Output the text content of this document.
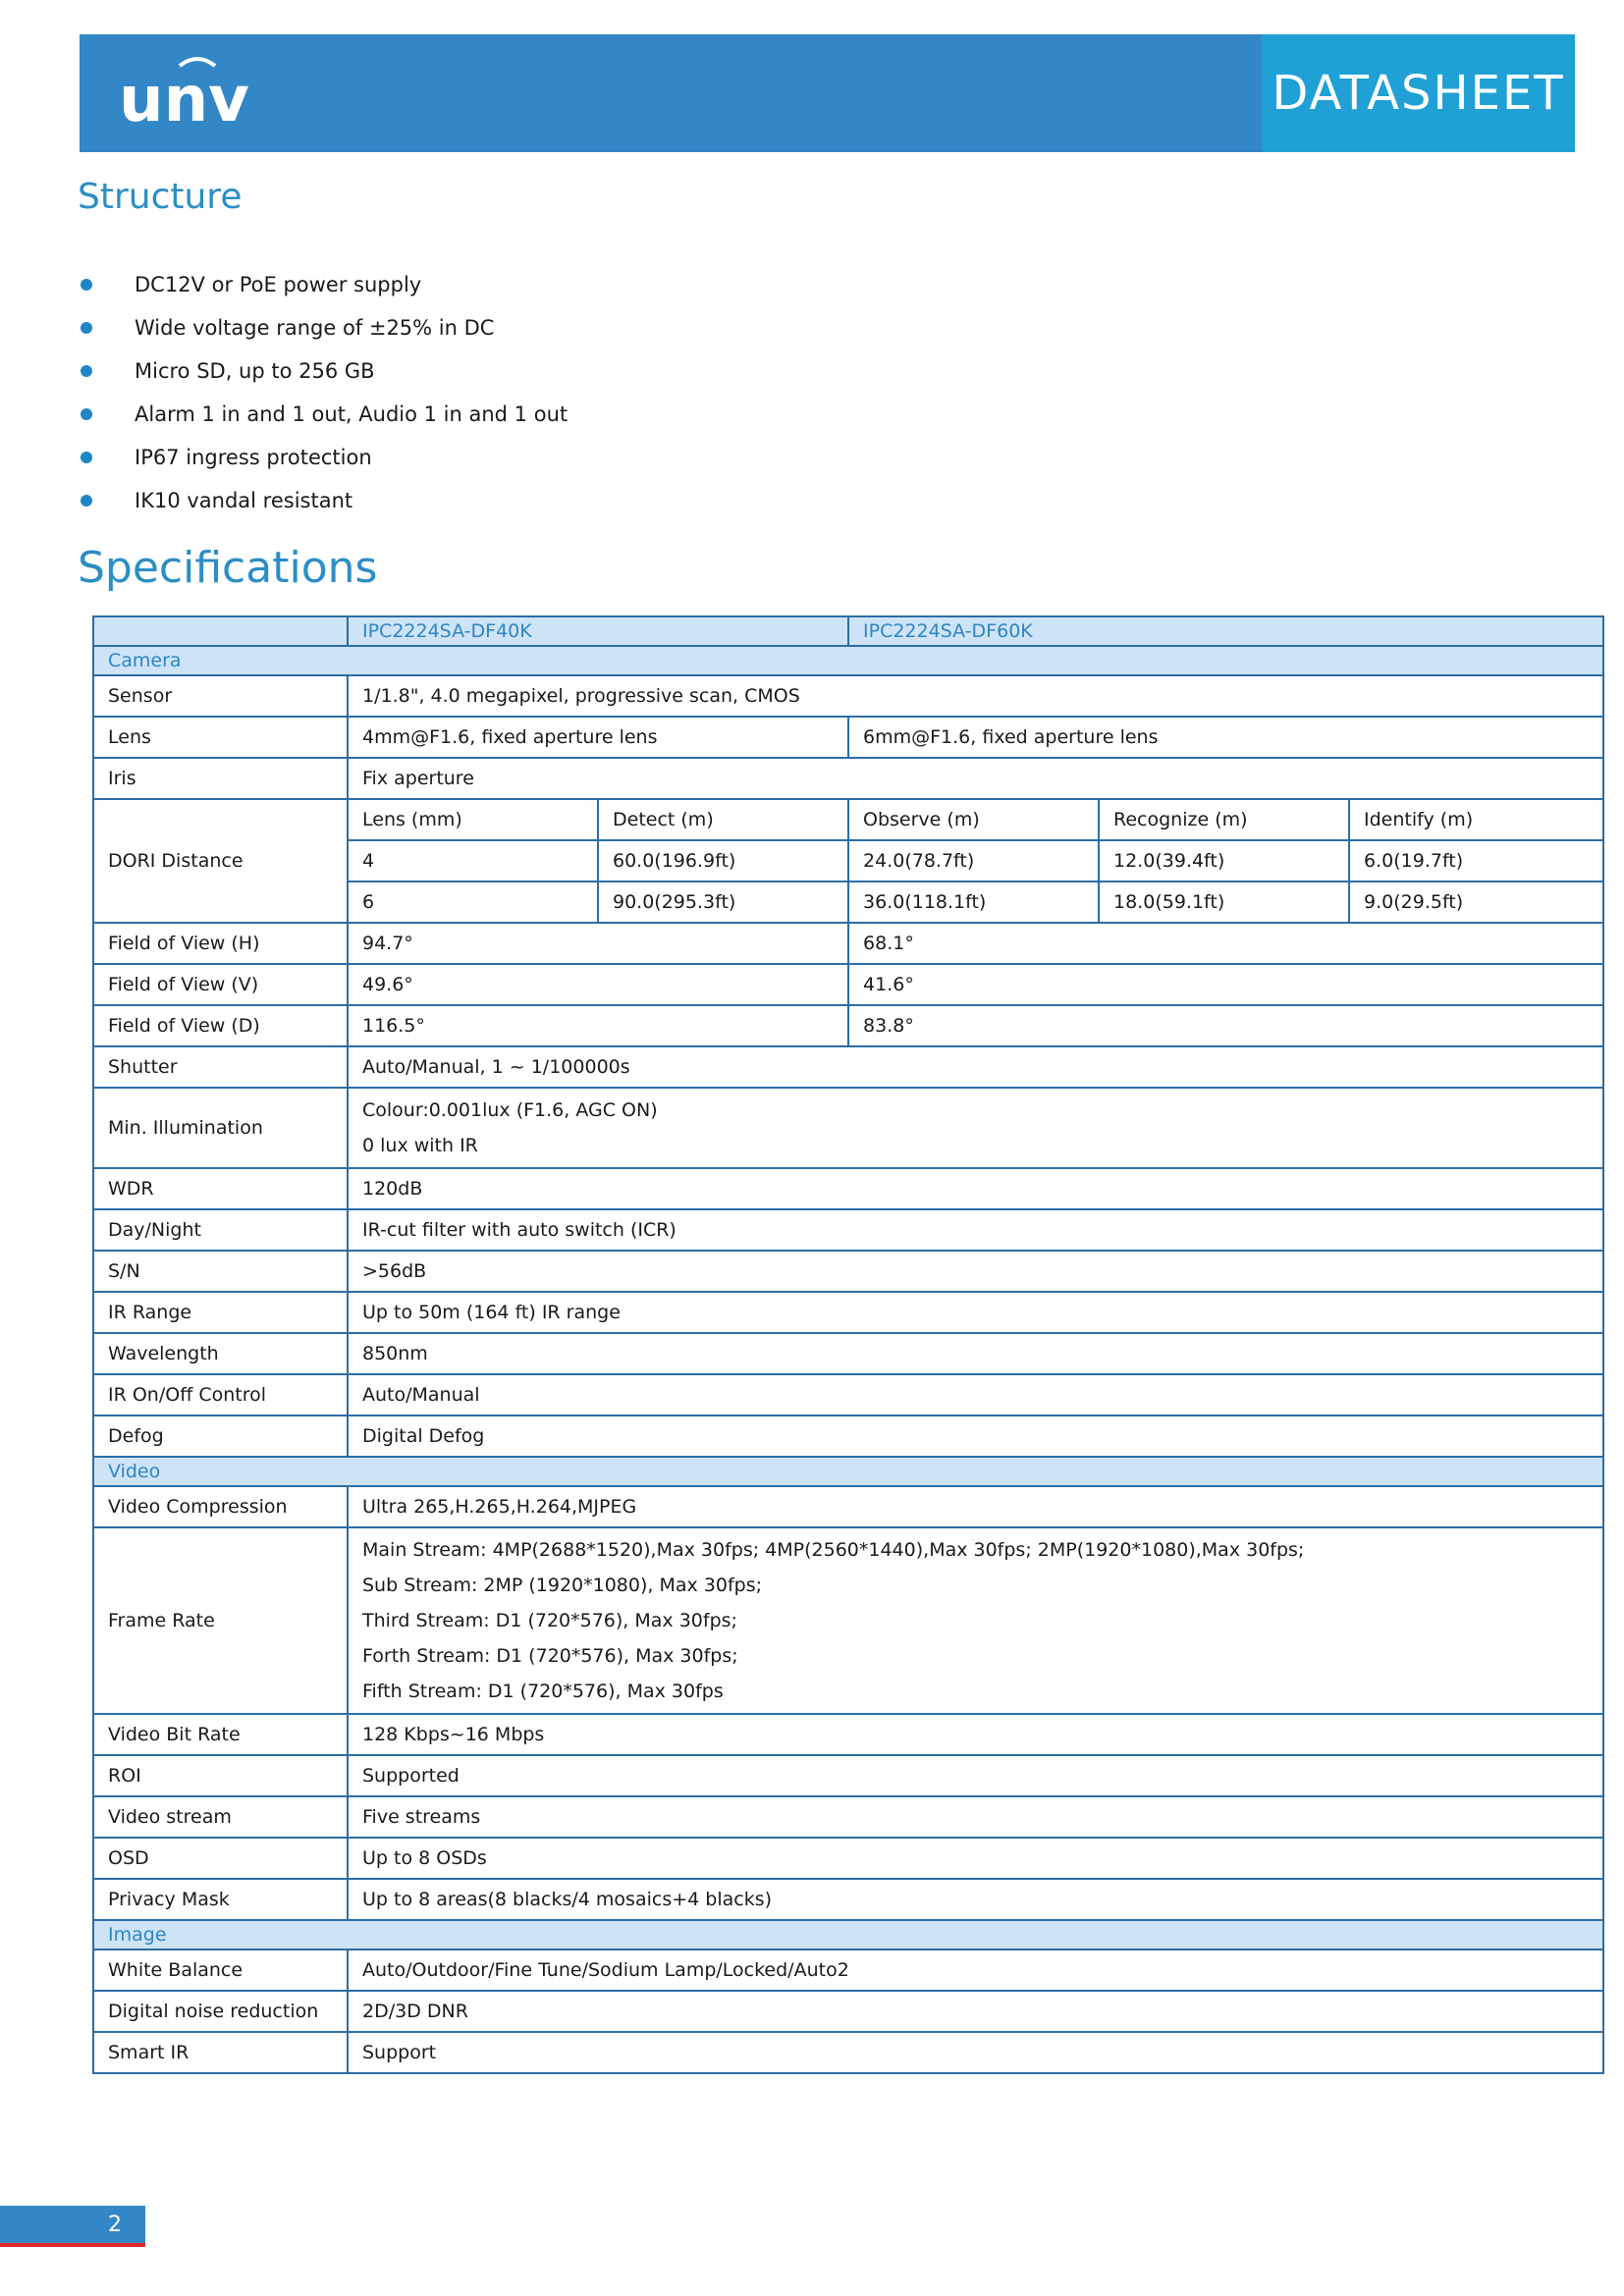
unv	DATASHEET
Structure
DC12V or PoE power supply
Wide voltage range of ±25% in DC
Micro SD, up to 256 GB
Alarm 1 in and 1 out, Audio 1 in and 1 out
IP67 ingress protection
IK10 vandal resistant
Specifications
	IPC2224SA-DF40K		IPC2224SA-DF60K		
Camera					
Sensor	1/1.8", 4.0 megapixel, progressive scan, CMOS				
Lens	4mm@F1.6, fixed aperture lens		6mm@F1.6, fixed aperture lens		
Iris	Fix aperture				
DORI Distance	Lens (mm)	Detect (m)	Observe (m)	Recognize (m)	Identify (m)
	4	60.0(196.9ft)	24.0(78.7ft)	12.0(39.4ft)	6.0(19.7ft)
	6	90.0(295.3ft)	36.0(118.1ft)	18.0(59.1ft)	9.0(29.5ft)
Field of View (H)	94.7°		68.1°		
Field of View (V)	49.6°		41.6°		
Field of View (D)	116.5°		83.8°		
Shutter	Auto/Manual, 1 ~ 1/100000s				
Min. Illumination	Colour:0.001lux (F1.6, AGC ON)
0 lux with IR				

WDR	120dB				
Day/Night	IR-cut filter with auto switch (ICR)				
S/N	>56dB				
IR Range	Up to 50m (164 ft) IR range				
Wavelength	850nm				
IR On/Off Control	Auto/Manual				
Defog	Digital Defog				
Video					
Video Compression	Ultra 265,H.265,H.264,MJPEG				
Frame Rate	Main Stream: 4MP(2688*1520),Max 30fps; 4MP(2560*1440),Max 30fps; 2MP(1920*1080),Max 30fps;
Sub Stream: 2MP (1920*1080), Max 30fps;
Third Stream: D1 (720*576), Max 30fps;
Forth Stream: D1 (720*576), Max 30fps;
Fifth Stream: D1 (720*576), Max 30fps				

Video Bit Rate	128 Kbps~16 Mbps				
ROI	Supported				
Video stream	Five streams				
OSD	Up to 8 OSDs				
Privacy Mask	Up to 8 areas(8 blacks/4 mosaics+4 blacks)				
Image					
White Balance	Auto/Outdoor/Fine Tune/Sodium Lamp/Locked/Auto2				
Digital noise reduction	2D/3D DNR				
Smart IR	Support				
2
